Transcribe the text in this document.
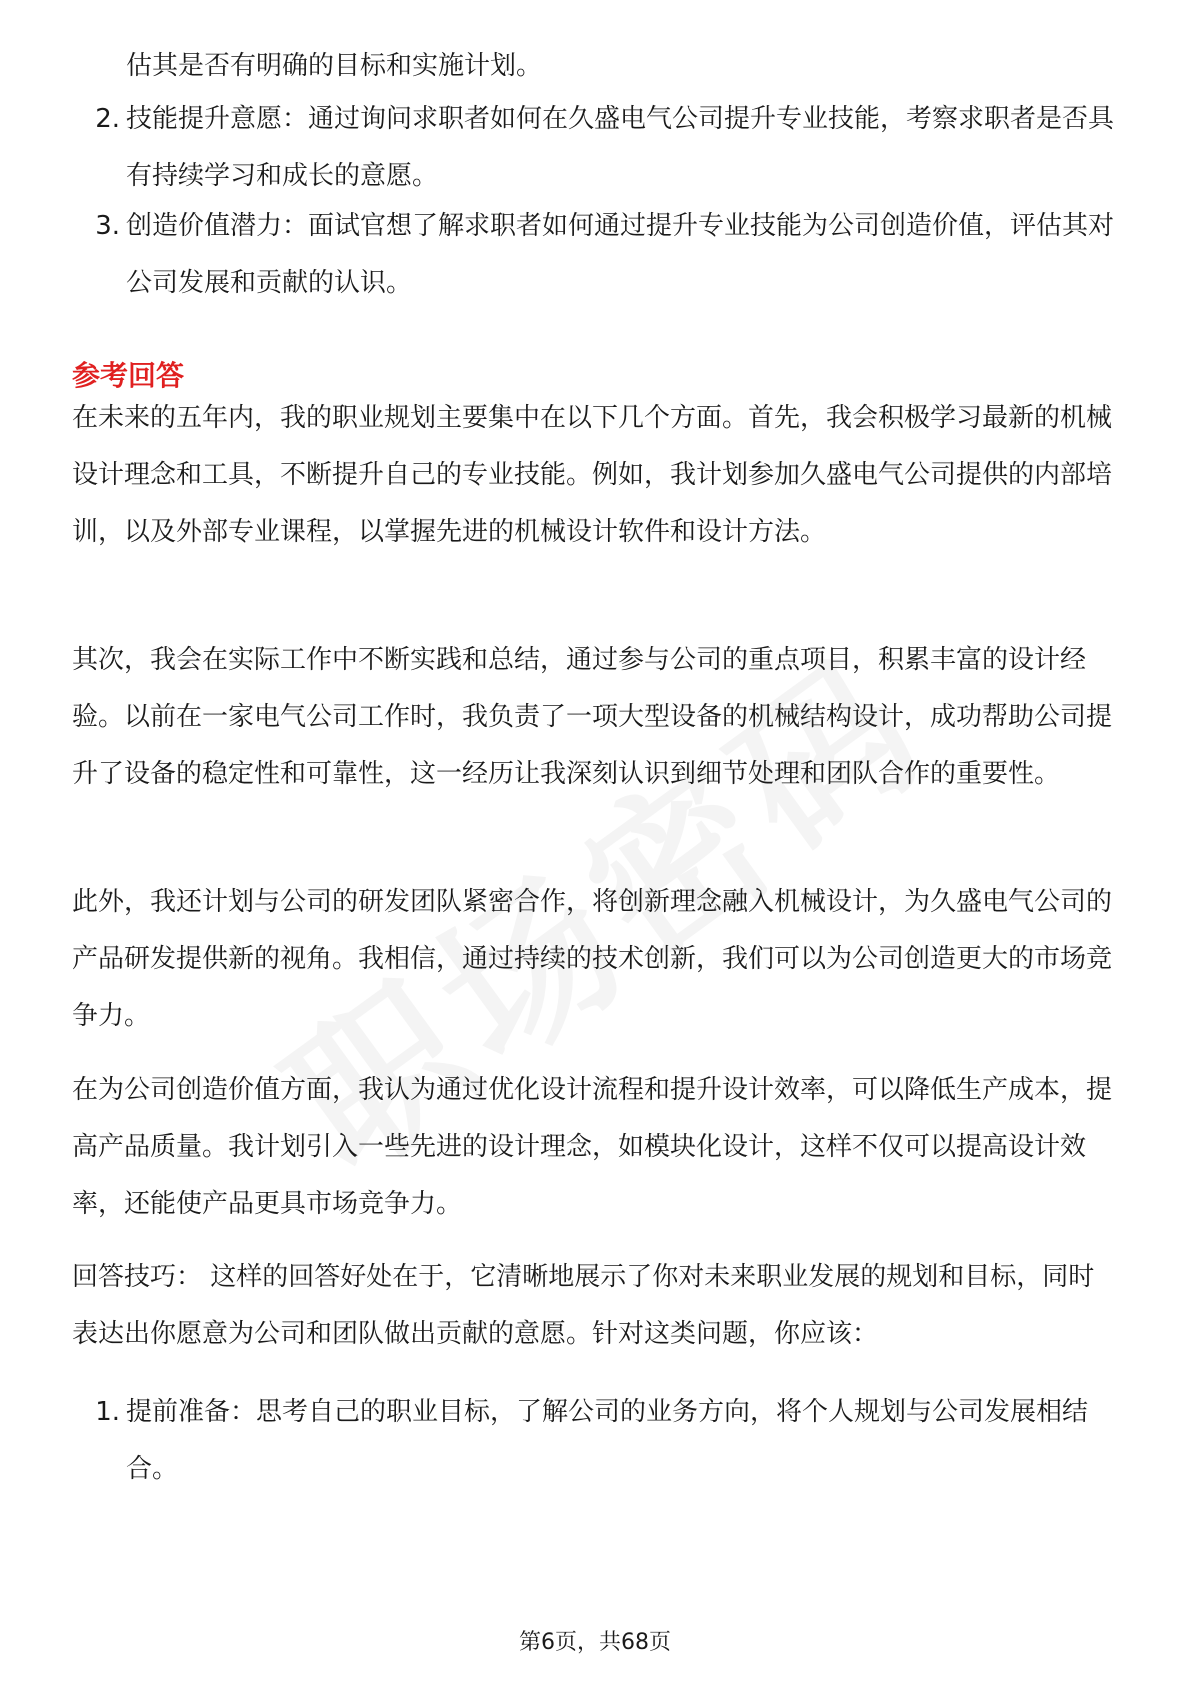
估其是否有明确的目标和实施计划。
2. 技能提升意愿：通过询问求职者如何在久盛电气公司提升专业技能，考察求职者是否具有持续学习和成长的意愿。
3. 创造价值潜力：面试官想了解求职者如何通过提升专业技能为公司创造价值，评估其对公司发展和贡献的认识。
参考回答

在未来的五年内，我的职业规划主要集中在以下几个方面。首先，我会积极学习最新的机械设计理念和工具，不断提升自己的专业技能。例如，我计划参加久盛电气公司提供的内部培训，以及外部专业课程，以掌握先进的机械设计软件和设计方法。

其次，我会在实际工作中不断实践和总结，通过参与公司的重点项目，积累丰富的设计经验。以前在一家电气公司工作时，我负责了一项大型设备的机械结构设计，成功帮助公司提升了设备的稳定性和可靠性，这一经历让我深刻认识到细节处理和团队合作的重要性。

此外，我还计划与公司的研发团队紧密合作，将创新理念融入机械设计，为久盛电气公司的产品研发提供新的视角。我相信，通过持续的技术创新，我们可以为公司创造更大的市场竞争力。

在为公司创造价值方面，我认为通过优化设计流程和提升设计效率，可以降低生产成本，提高产品质量。我计划引入一些先进的设计理念，如模块化设计，这样不仅可以提高设计效率，还能使产品更具市场竞争力。

回答技巧： 这样的回答好处在于，它清晰地展示了你对未来职业发展的规划和目标，同时表达出你愿意为公司和团队做出贡献的意愿。针对这类问题，你应该：

1. 提前准备：思考自己的职业目标，了解公司的业务方向，将个人规划与公司发展相结合。
第6页，共68页
